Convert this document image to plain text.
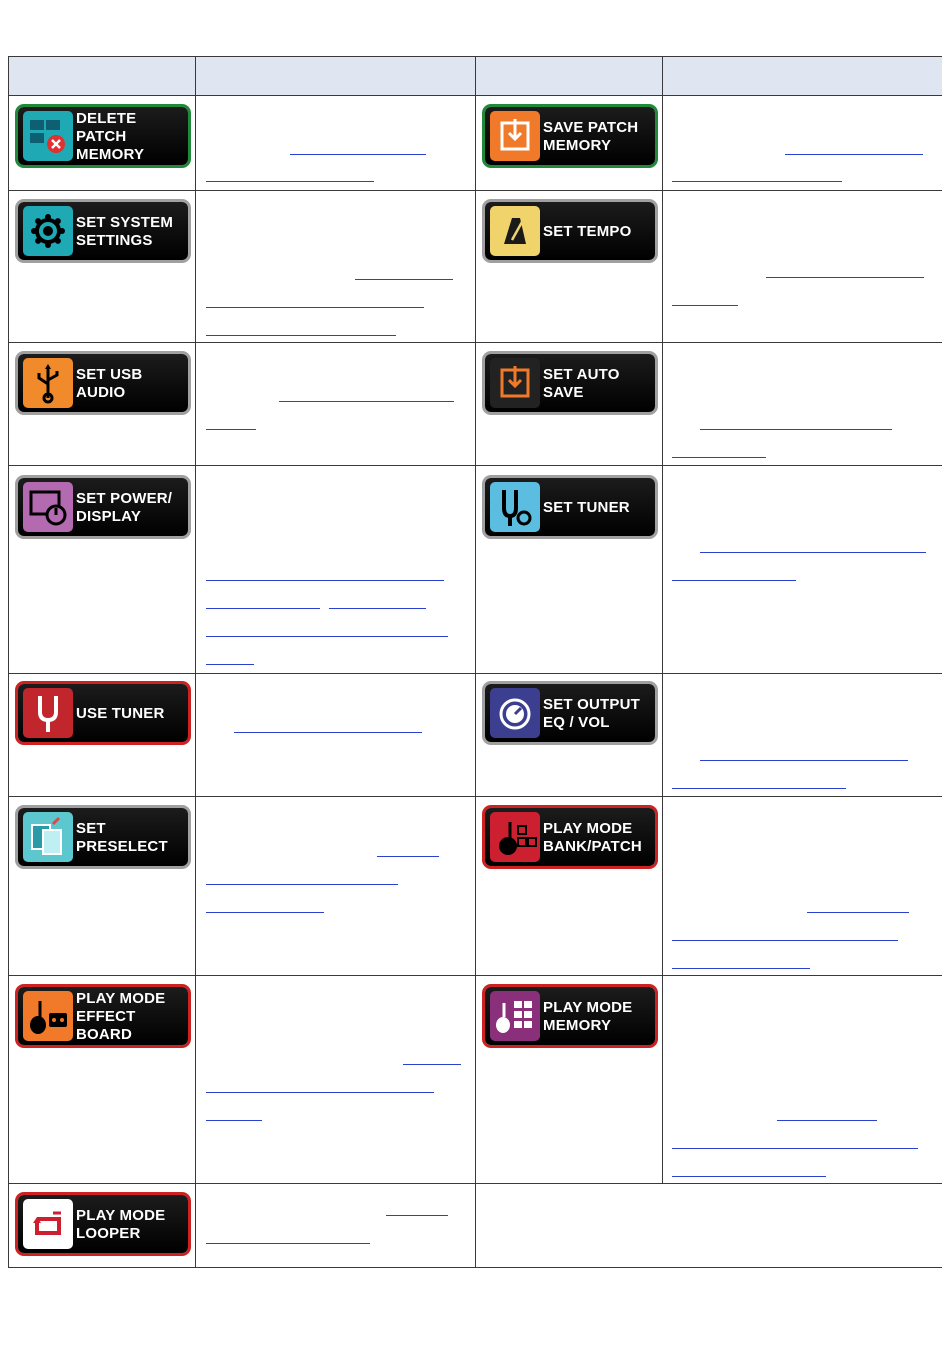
DELETE PATCH
MEMORY
SAVE PATCH
MEMORY
SET SYSTEM
SETTINGS
SET TEMPO
SET USB
AUDIO
SET AUTO
SAVE
SET POWER/
DISPLAY
SET TUNER
USE TUNER
SET OUTPUT
EQ / VOL
SET
PRESELECT
PLAY MODE
BANK/PATCH
PLAY MODE
EFFECT BOARD
PLAY MODE
MEMORY
PLAY MODE
LOOPER
